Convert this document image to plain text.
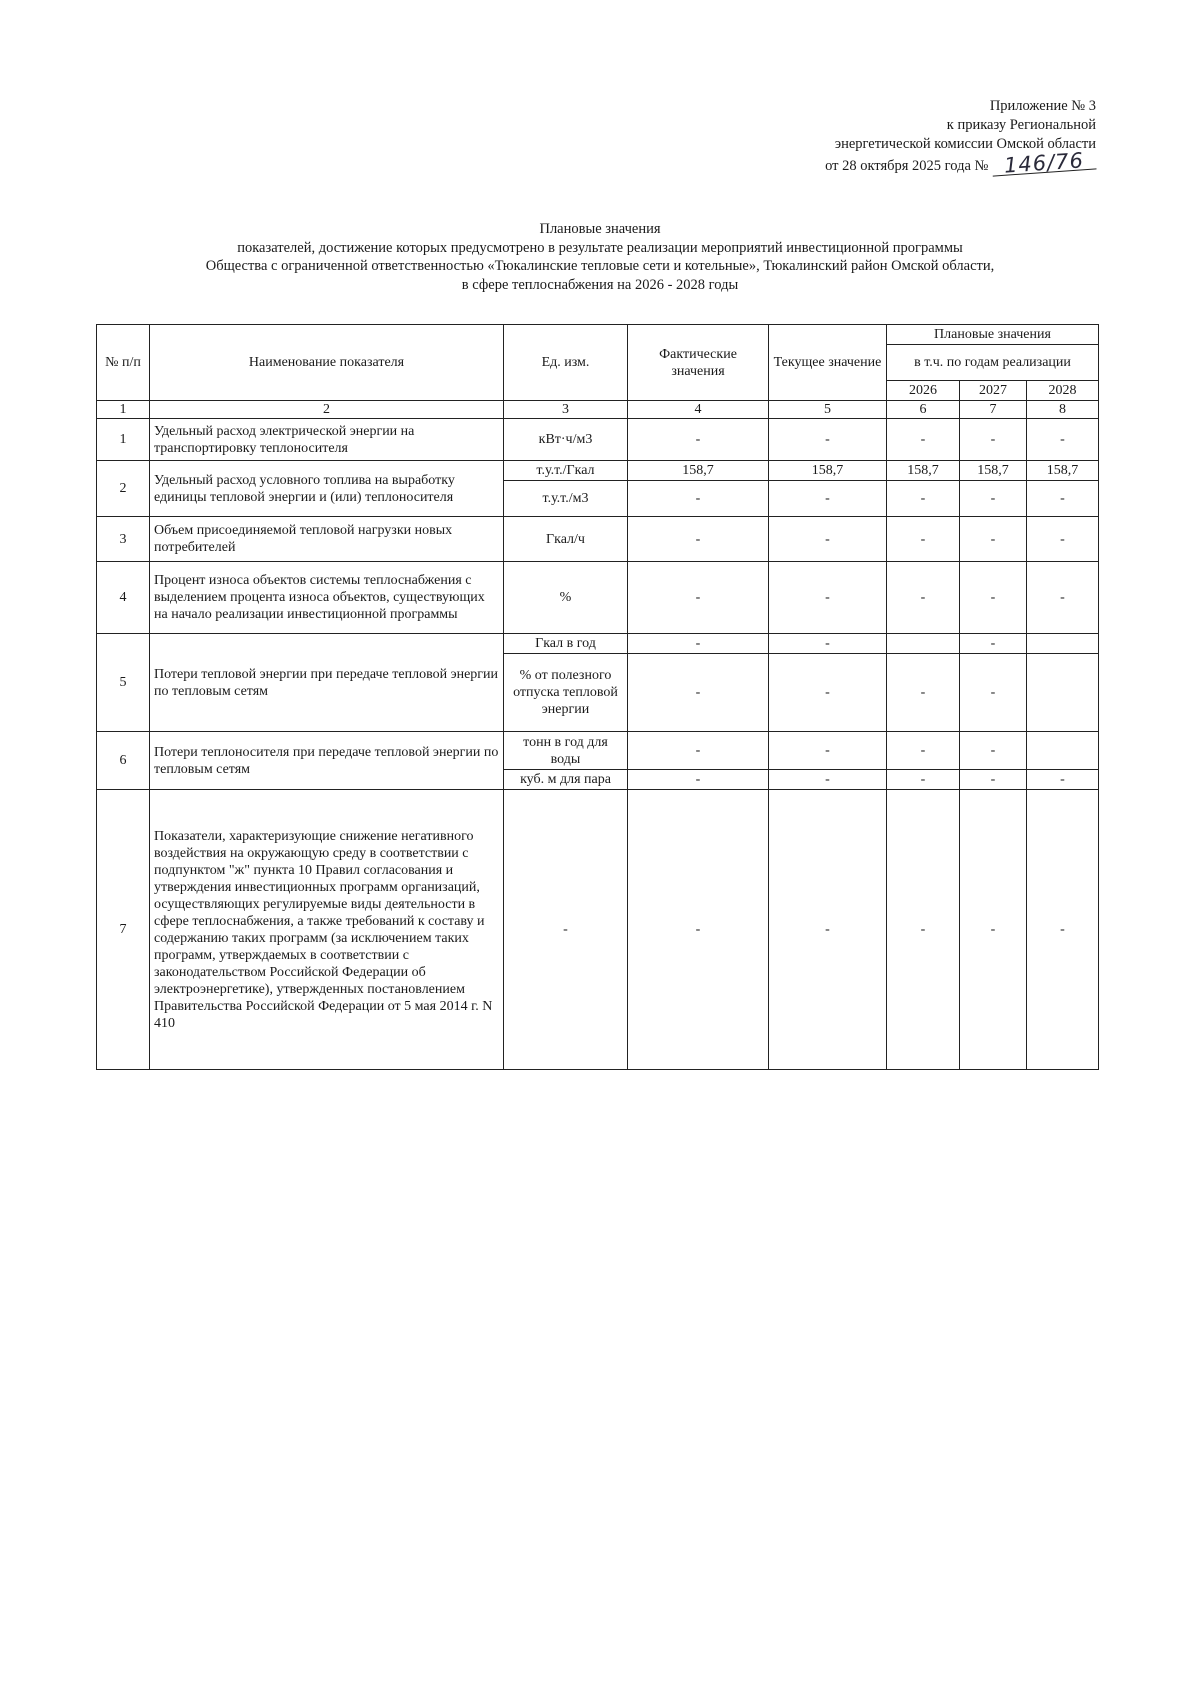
Приложение № 3
к приказу Региональной
энергетической комиссии Омской области
от 28 октября 2025 года № 146/76
Плановые значения
показателей, достижение которых предусмотрено в результате реализации мероприятий инвестиционной программы
Общества с ограниченной ответственностью «Тюкалинские тепловые сети и котельные», Тюкалинский район Омской области,
в сфере теплоснабжения на 2026 - 2028 годы
№ п/п	Наименование показателя	Ед. изм.	Фактические значения	Текущее значение	Плановые значения		
					в т.ч. по годам реализации		
					2026	2027	2028
1	2	3	4	5	6	7	8
1	Удельный расход электрической энергии на транспортировку теплоносителя	кВт·ч/м3	-	-	-	-	-
2	Удельный расход условного топлива на выработку единицы тепловой энергии и (или) теплоносителя	т.у.т./Гкал	158,7	158,7	158,7	158,7	158,7
		т.у.т./м3	-	-	-	-	-
3	Объем присоединяемой тепловой нагрузки новых потребителей	Гкал/ч	-	-	-	-	-
4	Процент износа объектов системы теплоснабжения с выделением процента износа объектов, существующих на начало реализации инвестиционной программы	%	-	-	-	-	-
5	Потери тепловой энергии при передаче тепловой энергии по тепловым сетям	Гкал в год	-	-		-	
		% от полезного отпуска тепловой энергии	-	-	-	-	
6	Потери теплоносителя при передаче тепловой энергии по тепловым сетям	тонн в год для воды	-	-	-	-	
		куб. м для пара	-	-	-	-	-
7	Показатели, характеризующие снижение негативного воздействия на окружающую среду в соответствии с подпунктом "ж" пункта 10 Правил согласования и утверждения инвестиционных программ организаций, осуществляющих регулируемые виды деятельности в сфере теплоснабжения, а также требований к составу и содержанию таких программ (за исключением таких программ, утверждаемых в соответствии с законодательством Российской Федерации об электроэнергетике), утвержденных постановлением Правительства Российской Федерации от 5 мая 2014 г. N 410	-	-	-	-	-	-
